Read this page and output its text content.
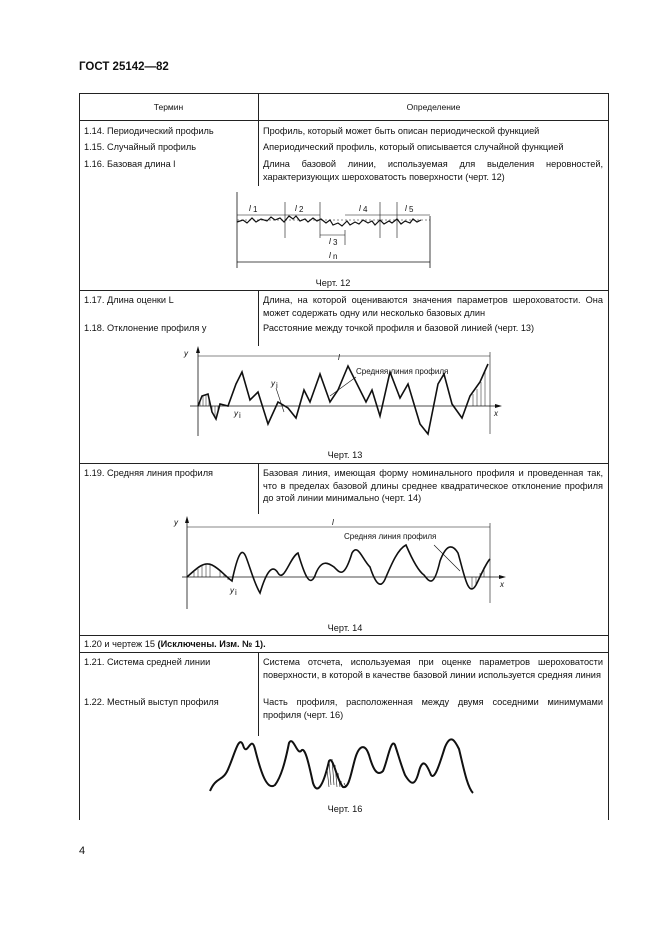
ГОСТ 25142—82
Термин	Определение
1.14. Периодический профиль	Профиль, который может быть описан периодической функцией
1.15. Случайный профиль	Апериодический профиль, который описывается случайной функцией
1.16. Базовая длина l	Длина базовой линии, используемая для выделения неровностей, характеризующих шероховатость поверхности (черт. 12)
l 1	l 2
l 3
l 4	l 5
l n
Черт. 12
1.17. Длина оценки L	Длина, на которой оцениваются значения параметров шероховатости. Она может содержать одну или несколько базовых длин
1.18. Отклонение профиля y	Расстояние между точкой профиля и базовой линией (черт. 13)
y
x
l
Средняя линия профиля
y i
y i
Черт. 13
1.19. Средняя линия профиля	Базовая линия, имеющая форму номинального профиля и проведенная так, что в пределах базовой длины среднее квадратическое отклонение профиля до этой линии минимально (черт. 14)
y
x
l
Средняя линия профиля
y i
Черт. 14
1.20 и чертеж 15 (Исключены. Изм. № 1).
1.21. Система средней линии	Система отсчета, используемая при оценке параметров шероховатости поверхности, в которой в качестве базовой линии используется средняя линия
1.22. Местный выступ профиля	Часть профиля, расположенная между двумя соседними минимумами профиля (черт. 16)
Черт. 16
4
